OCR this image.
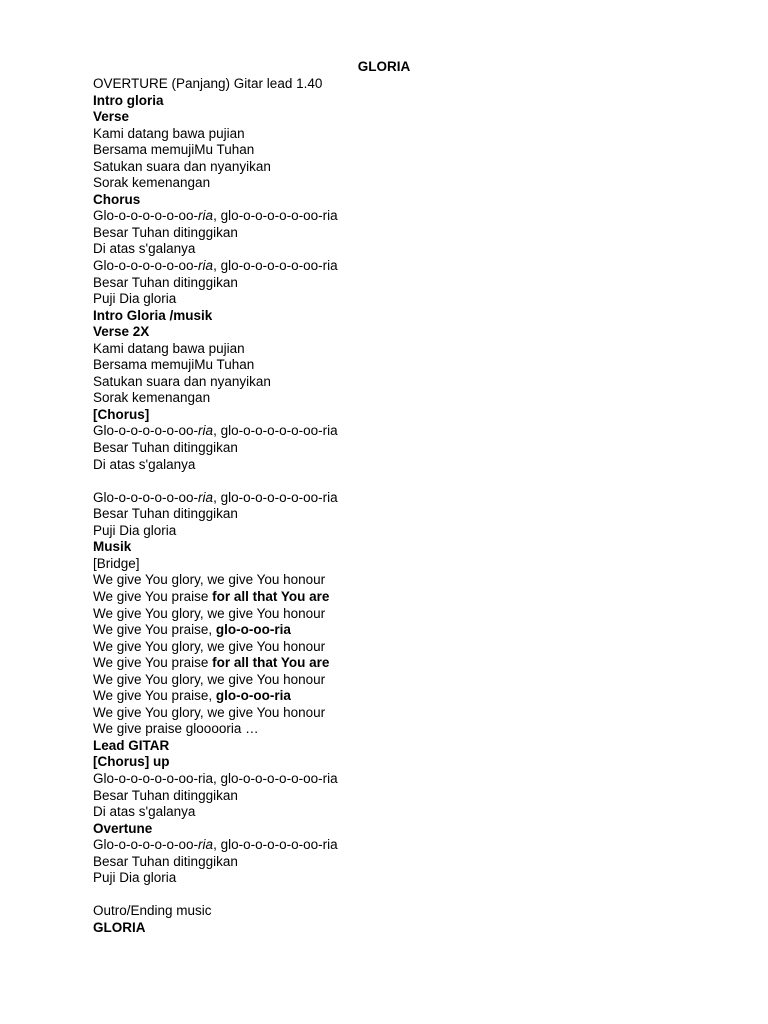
GLORIA
OVERTURE (Panjang) Gitar lead 1.40
Intro gloria
Verse
Kami datang bawa pujian
Bersama memujiMu Tuhan
Satukan suara dan nyanyikan
Sorak kemenangan
Chorus
Glo-o-o-o-o-o-oo-ria, glo-o-o-o-o-o-oo-ria
Besar Tuhan ditinggikan
Di atas s'galanya
Glo-o-o-o-o-o-oo-ria, glo-o-o-o-o-o-oo-ria
Besar Tuhan ditinggikan
Puji Dia gloria
Intro Gloria /musik
Verse 2X
Kami datang bawa pujian
Bersama memujiMu Tuhan
Satukan suara dan nyanyikan
Sorak kemenangan
[Chorus]
Glo-o-o-o-o-o-oo-ria, glo-o-o-o-o-o-oo-ria
Besar Tuhan ditinggikan
Di atas s'galanya
Glo-o-o-o-o-o-oo-ria, glo-o-o-o-o-o-oo-ria
Besar Tuhan ditinggikan
Puji Dia gloria
Musik
[Bridge]
We give You glory, we give You honour
We give You praise for all that You are
We give You glory, we give You honour
We give You praise, glo-o-oo-ria
We give You glory, we give You honour
We give You praise for all that You are
We give You glory, we give You honour
We give You praise, glo-o-oo-ria
We give You glory, we give You honour
We give praise glooooria …
Lead GITAR
[Chorus] up
Glo-o-o-o-o-o-oo-ria, glo-o-o-o-o-o-oo-ria
Besar Tuhan ditinggikan
Di atas s'galanya
Overtune
Glo-o-o-o-o-o-oo-ria, glo-o-o-o-o-o-oo-ria
Besar Tuhan ditinggikan
Puji Dia gloria
Outro/Ending music
GLORIA
